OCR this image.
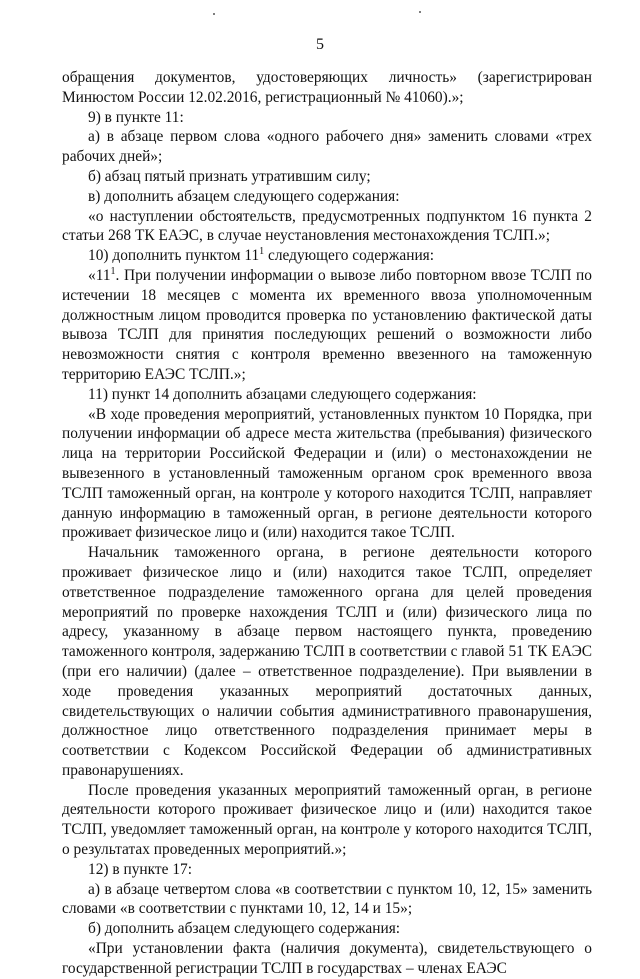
5

обращения документов, удостоверяющих личность» (зарегистрирован Минюстом России 12.02.2016, регистрационный № 41060).»;

9) в пункте 11:

а) в абзаце первом слова «одного рабочего дня» заменить словами «трех рабочих дней»;

б) абзац пятый признать утратившим силу;

в) дополнить абзацем следующего содержания:

«о наступлении обстоятельств, предусмотренных подпунктом 16 пункта 2 статьи 268 ТК ЕАЭС, в случае неустановления местонахождения ТСЛП.»;

10) дополнить пунктом $11^1$ следующего содержания:

«$11^1$. При получении информации о вывозе либо повторном ввозе ТСЛП по истечении 18 месяцев с момента их временного ввоза уполномоченным должностным лицом проводится проверка по установлению фактической даты вывоза ТСЛП для принятия последующих решений о возможности либо невозможности снятия с контроля временно ввезенного на таможенную территорию ЕАЭС ТСЛП.»;

11) пункт 14 дополнить абзацами следующего содержания:

«В ходе проведения мероприятий, установленных пунктом 10 Порядка, при получении информации об адресе места жительства (пребывания) физического лица на территории Российской Федерации и (или) о местонахождении не вывезенного в установленный таможенным органом срок временного ввоза ТСЛП таможенный орган, на контроле у которого находится ТСЛП, направляет данную информацию в таможенный орган, в регионе деятельности которого проживает физическое лицо и (или) находится такое ТСЛП.

Начальник таможенного органа, в регионе деятельности которого проживает физическое лицо и (или) находится такое ТСЛП, определяет ответственное подразделение таможенного органа для целей проведения мероприятий по проверке нахождения ТСЛП и (или) физического лица по адресу, указанному в абзаце первом настоящего пункта, проведению таможенного контроля, задержанию ТСЛП в соответствии с главой 51 ТК ЕАЭС (при его наличии) (далее – ответственное подразделение). При выявлении в ходе проведения указанных мероприятий достаточных данных, свидетельствующих о наличии события административного правонарушения, должностное лицо ответственного подразделения принимает меры в соответствии с Кодексом Российской Федерации об административных правонарушениях.

После проведения указанных мероприятий таможенный орган, в регионе деятельности которого проживает физическое лицо и (или) находится такое ТСЛП, уведомляет таможенный орган, на контроле у которого находится ТСЛП, о результатах проведенных мероприятий.»;

12) в пункте 17:

а) в абзаце четвертом слова «в соответствии с пунктом 10, 12, 15» заменить словами «в соответствии с пунктами 10, 12, 14 и 15»;

б) дополнить абзацем следующего содержания:

«При установлении факта (наличия документа), свидетельствующего о государственной регистрации ТСЛП в государствах – членах ЕАЭС
